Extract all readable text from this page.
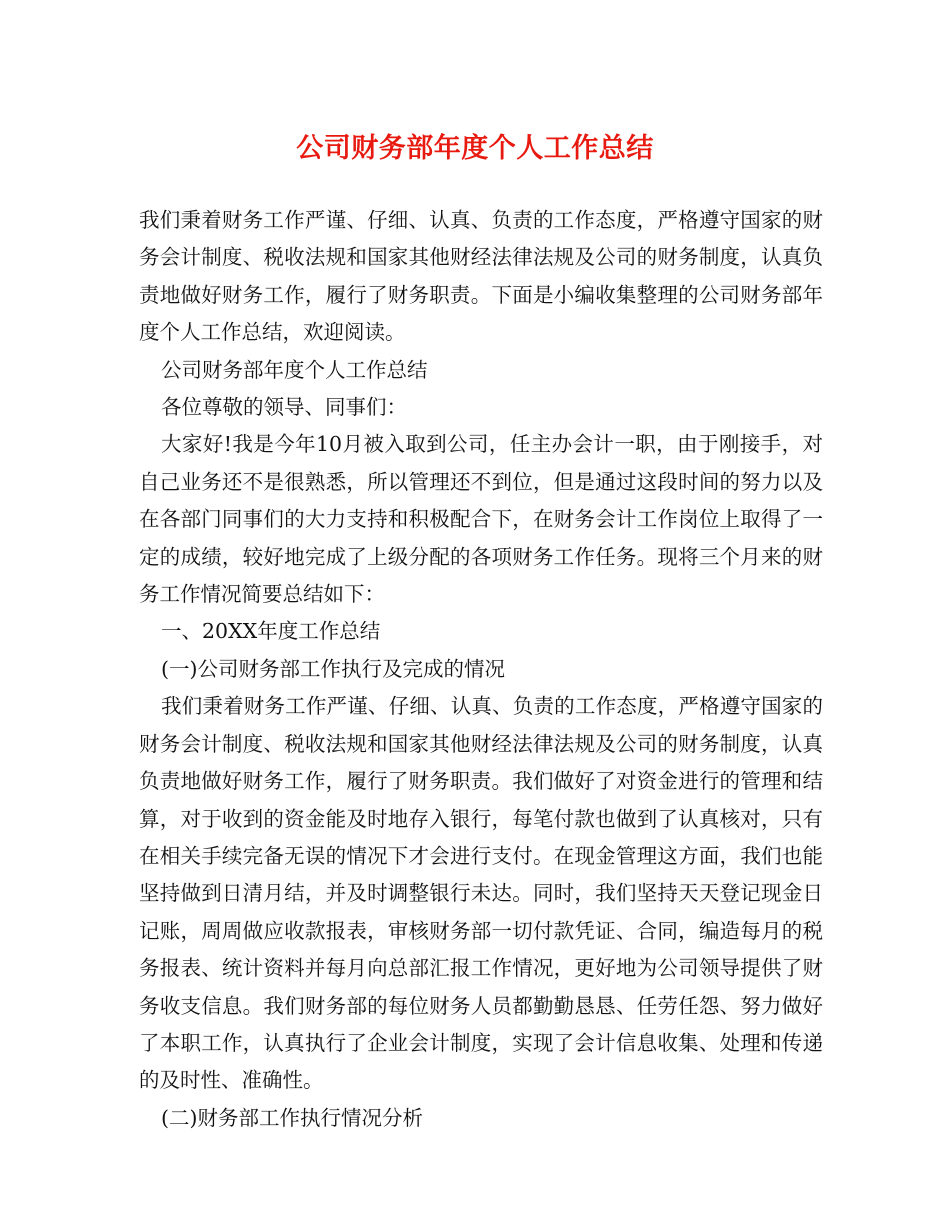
公司财务部年度个人工作总结

我们秉着财务工作严谨、仔细、认真、负责的工作态度，严格遵守国家的财务会计制度、税收法规和国家其他财经法律法规及公司的财务制度，认真负责地做好财务工作，履行了财务职责。下面是小编收集整理的公司财务部年度个人工作总结，欢迎阅读。

公司财务部年度个人工作总结

各位尊敬的领导、同事们：

大家好!我是今年10月被入取到公司，任主办会计一职，由于刚接手，对自己业务还不是很熟悉，所以管理还不到位，但是通过这段时间的努力以及在各部门同事们的大力支持和积极配合下，在财务会计工作岗位上取得了一定的成绩，较好地完成了上级分配的各项财务工作任务。现将三个月来的财务工作情况简要总结如下：

一、20XX年度工作总结

(一)公司财务部工作执行及完成的情况

我们秉着财务工作严谨、仔细、认真、负责的工作态度，严格遵守国家的财务会计制度、税收法规和国家其他财经法律法规及公司的财务制度，认真负责地做好财务工作，履行了财务职责。我们做好了对资金进行的管理和结算，对于收到的资金能及时地存入银行，每笔付款也做到了认真核对，只有在相关手续完备无误的情况下才会进行支付。在现金管理这方面，我们也能坚持做到日清月结，并及时调整银行未达。同时，我们坚持天天登记现金日记账，周周做应收款报表，审核财务部一切付款凭证、合同，编造每月的税务报表、统计资料并每月向总部汇报工作情况，更好地为公司领导提供了财务收支信息。我们财务部的每位财务人员都勤勤恳恳、任劳任怨、努力做好了本职工作，认真执行了企业会计制度，实现了会计信息收集、处理和传递的及时性、准确性。

(二)财务部工作执行情况分析
